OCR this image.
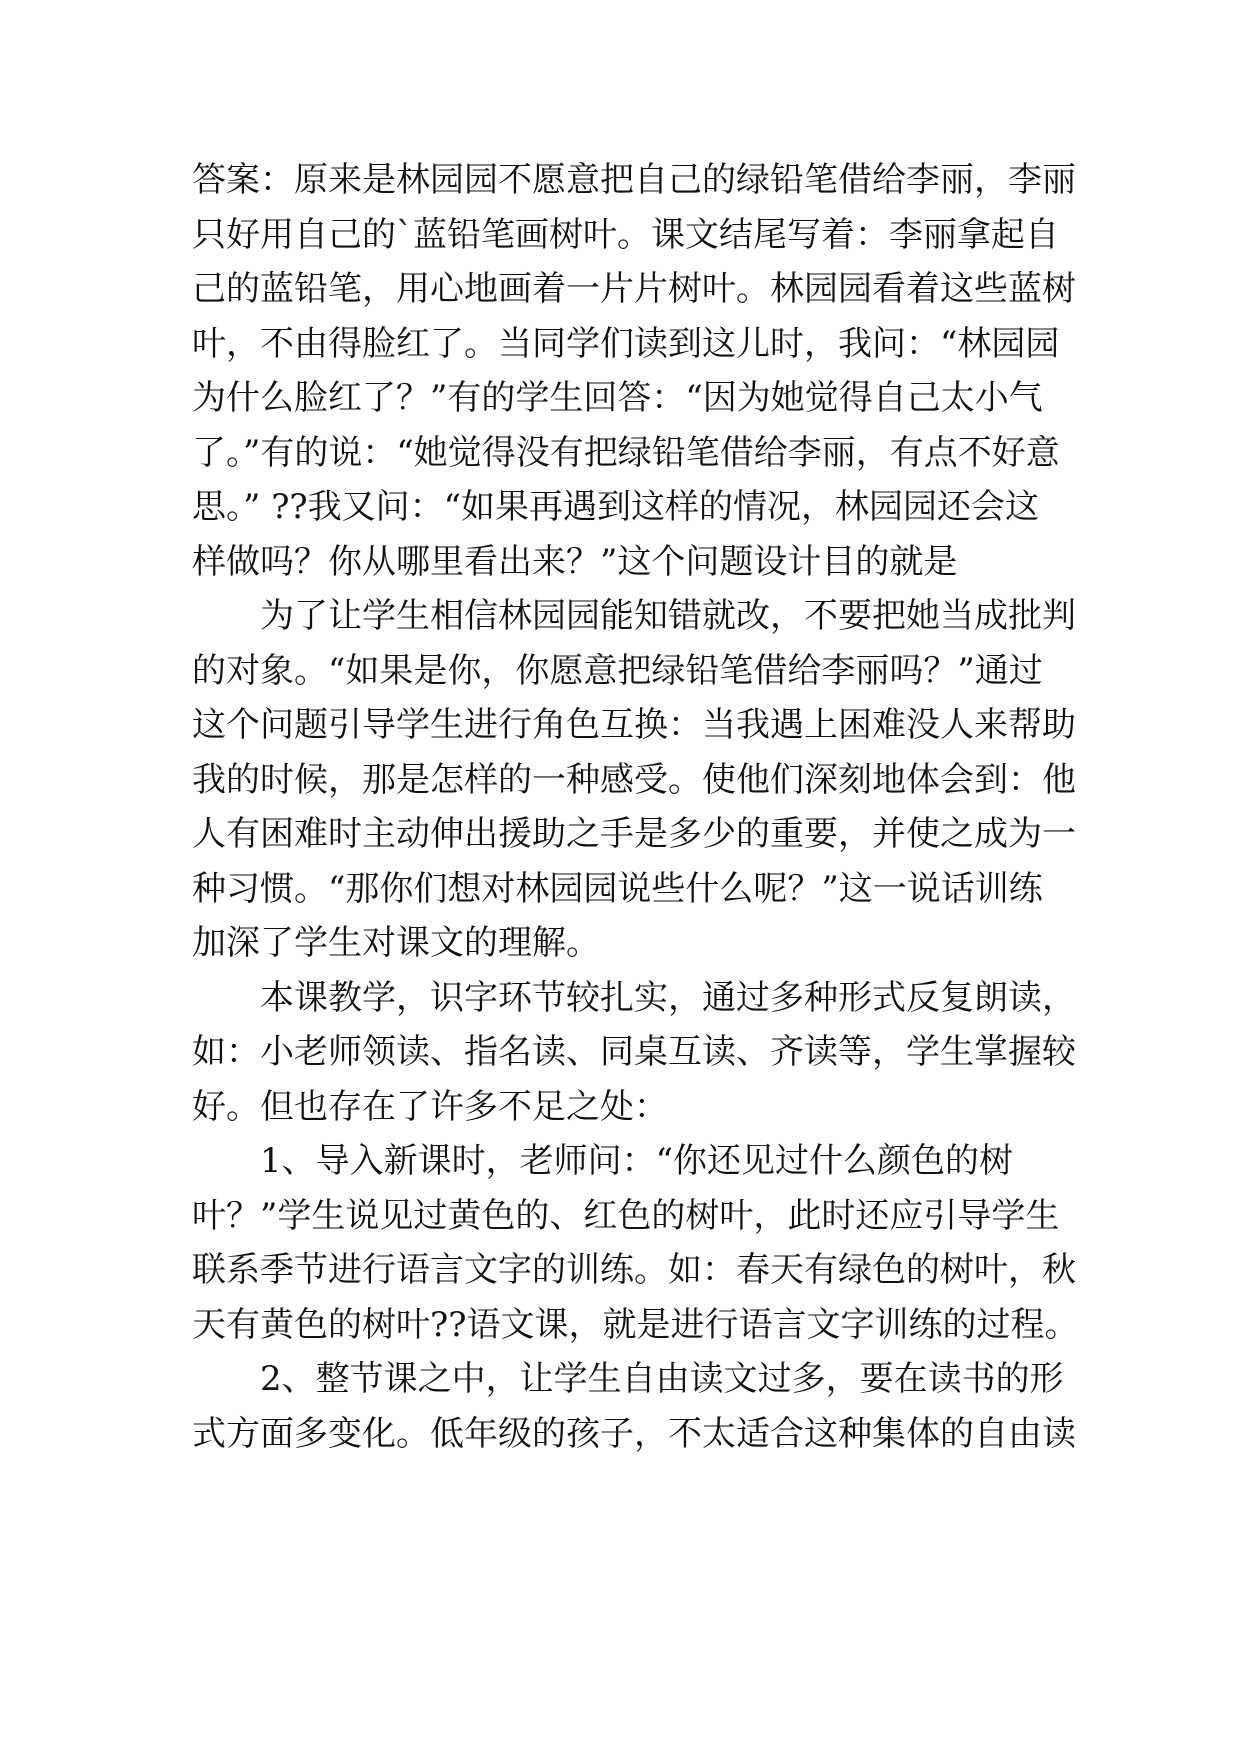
答案：原来是林园园不愿意把自己的绿铅笔借给李丽，李丽
只好用自己的`蓝铅笔画树叶。课文结尾写着：李丽拿起自
己的蓝铅笔，用心地画着一片片树叶。林园园看着这些蓝树
叶，不由得脸红了。当同学们读到这儿时，我问：“林园园
为什么脸红了？”有的学生回答：“因为她觉得自己太小气
了。”有的说：“她觉得没有把绿铅笔借给李丽，有点不好意
思。” ??我又问：“如果再遇到这样的情况，林园园还会这
样做吗？你从哪里看出来？”这个问题设计目的就是
为了让学生相信林园园能知错就改，不要把她当成批判
的对象。“如果是你，你愿意把绿铅笔借给李丽吗？”通过
这个问题引导学生进行角色互换：当我遇上困难没人来帮助
我的时候，那是怎样的一种感受。使他们深刻地体会到：他
人有困难时主动伸出援助之手是多少的重要，并使之成为一
种习惯。“那你们想对林园园说些什么呢？”这一说话训练
加深了学生对课文的理解。
本课教学，识字环节较扎实，通过多种形式反复朗读，
如：小老师领读、指名读、同桌互读、齐读等，学生掌握较
好。但也存在了许多不足之处：
1、导入新课时，老师问：“你还见过什么颜色的树
叶？”学生说见过黄色的、红色的树叶，此时还应引导学生
联系季节进行语言文字的训练。如：春天有绿色的树叶，秋
天有黄色的树叶??语文课，就是进行语言文字训练的过程。
2、整节课之中，让学生自由读文过多，要在读书的形
式方面多变化。低年级的孩子，不太适合这种集体的自由读
